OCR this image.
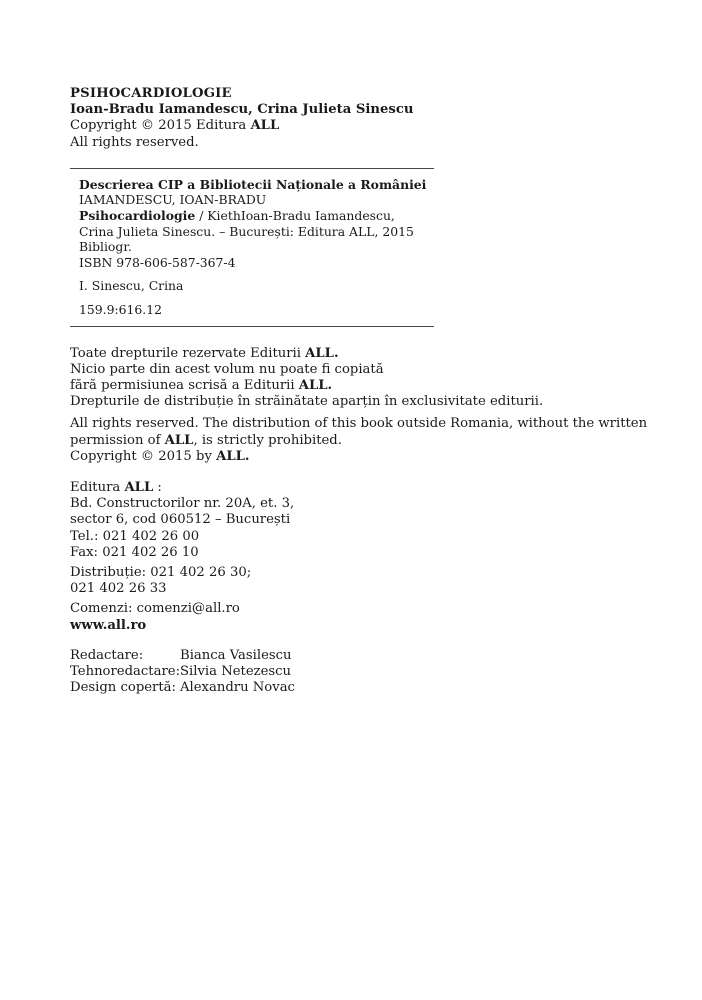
PSIHOCARDIOLOGIE
Ioan-Bradu Iamandescu, Crina Julieta Sinescu
Copyright © 2015 Editura ALL
All rights reserved.
Descrierea CIP a Bibliotecii Naționale a României
IAMANDESCU, IOAN-BRADU
Psihocardiologie / KiethIoan-Bradu Iamandescu,
Crina Julieta Sinescu. – București: Editura ALL, 2015
Bibliogr.
ISBN 978-606-587-367-4
I. Sinescu, Crina
159.9:616.12
Toate drepturile rezervate Editurii ALL.
Nicio parte din acest volum nu poate fi copiată
fără permisiunea scrisă a Editurii ALL.
Drepturile de distribuție în străinătate aparțin în exclusivitate editurii.
All rights reserved. The distribution of this book outside Romania, without the written
permission of ALL, is strictly prohibited.
Copyright © 2015 by ALL.
Editura ALL :
Bd. Constructorilor nr. 20A, et. 3,
sector 6, cod 060512 – București
Tel.: 021 402 26 00
Fax: 021 402 26 10
Distribuție: 021 402 26 30;
021 402 26 33
Comenzi: comenzi@all.ro
www.all.ro
Redactare:	Bianca Vasilescu
Tehnoredactare: Silvia Netezescu
Design copertă: Alexandru Novac
